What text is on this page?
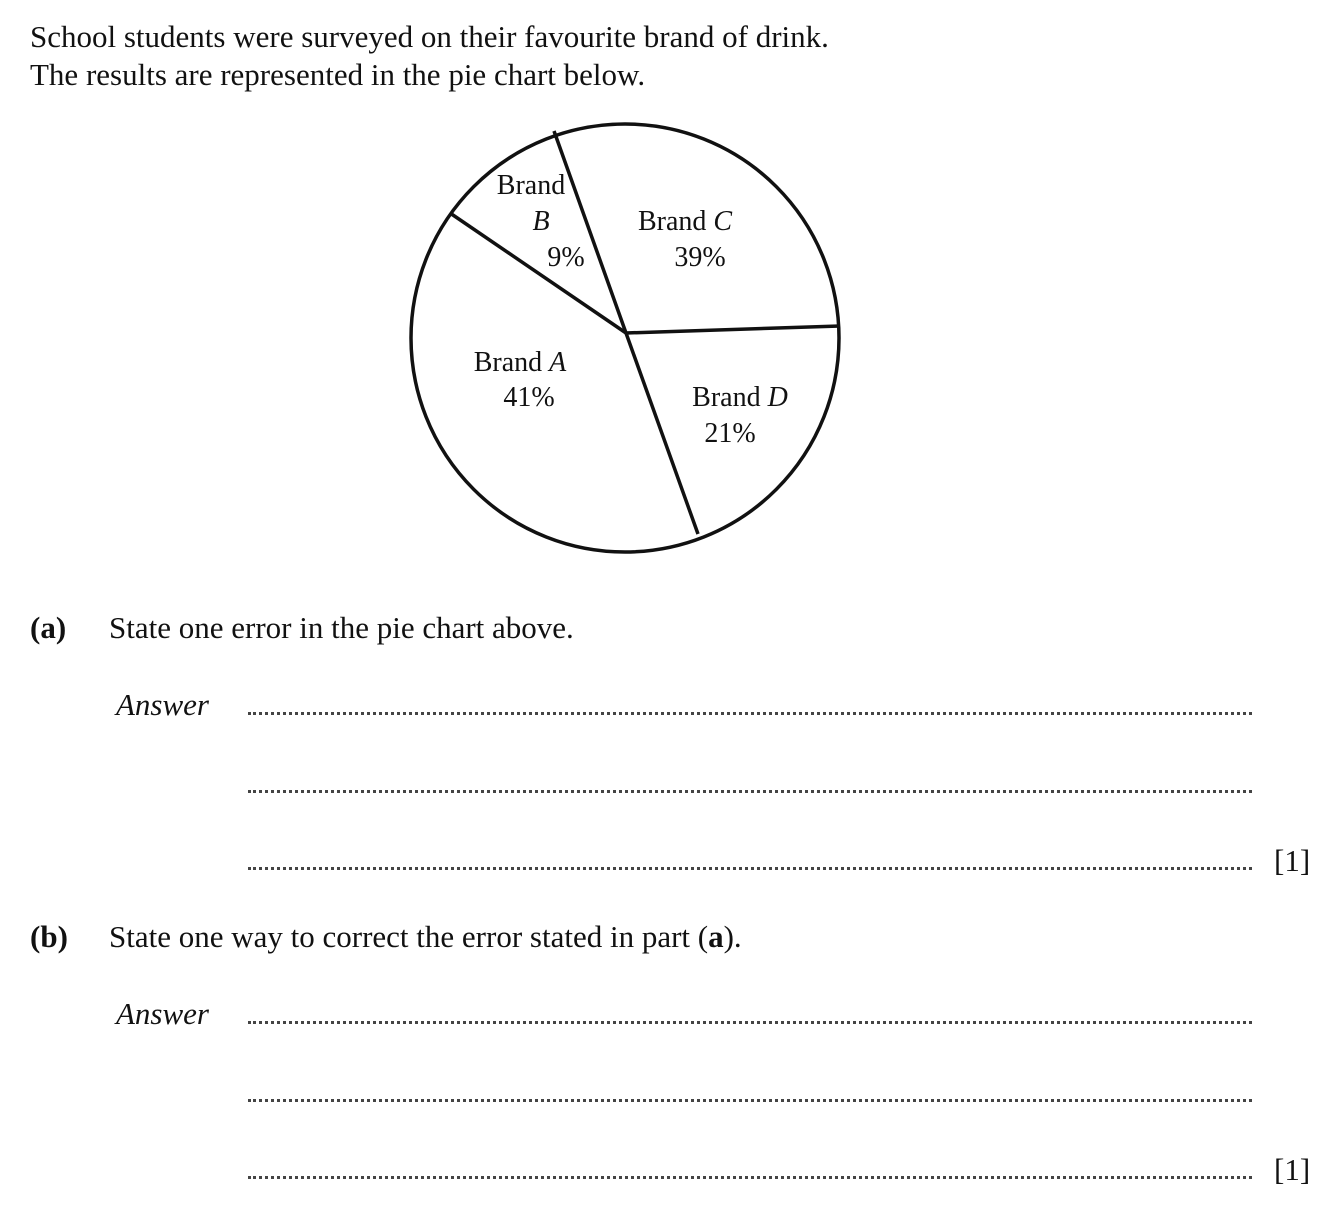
School students were surveyed on their favourite brand of drink.
The results are represented in the pie chart below.
Brand
B
9%
Brand C
39%
Brand A
41%	Brand D
21%
(a) State one error in the pie chart above.
Answer
[1]
(b) State one way to correct the error stated in part (a).
Answer
[1]
